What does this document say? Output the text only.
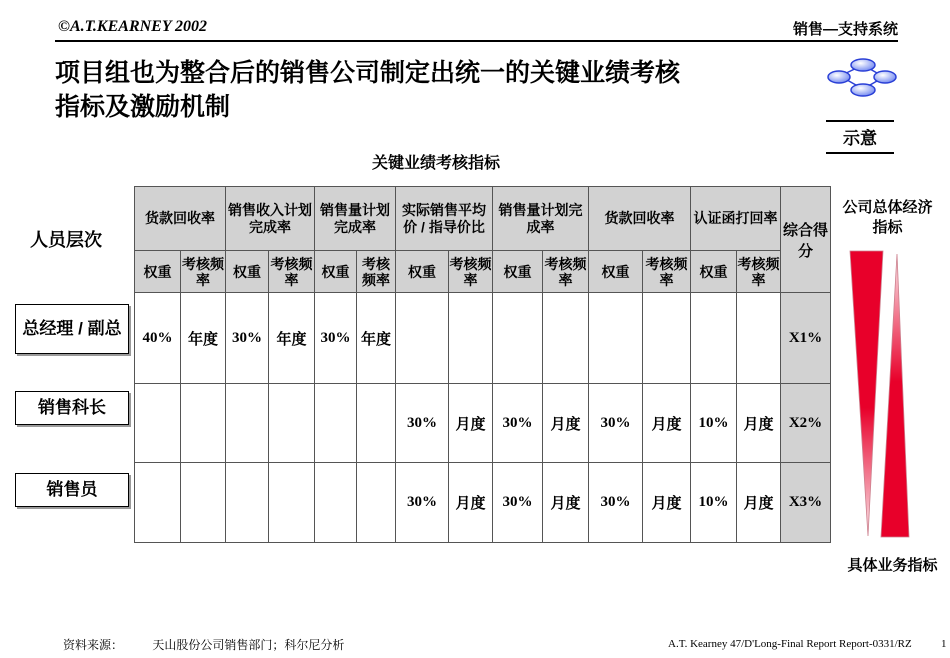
©A.T.KEARNEY 2002	销售—支持系统
项目组也为整合后的销售公司制定出统一的关键业绩考核
指标及激励机制
示意
关键业绩考核指标
人员层次
总经理 / 副总
销售科长
销售员
货款回收率		销售收入计划完成率		销售量计划完成率		实际销售平均价 / 指导价比		销售量计划完成率		货款回收率		认证函打回率		综合得分
权重	考核频率	权重	考核频率	权重	考核频率	权重	考核频率	权重	考核频率	权重	考核频率	权重	考核频率	
40%	年度	30%	年度	30%	年度									X1%
						30%	月度	30%	月度	30%	月度	10%	月度	X2%
						30%	月度	30%	月度	30%	月度	10%	月度	X3%
公司总体经济指标
具体业务指标
资料来源： 天山股份公司销售部门；科尔尼分析	A.T. Kearney 47/D'Long-Final Report Report-0331/RZ	1
